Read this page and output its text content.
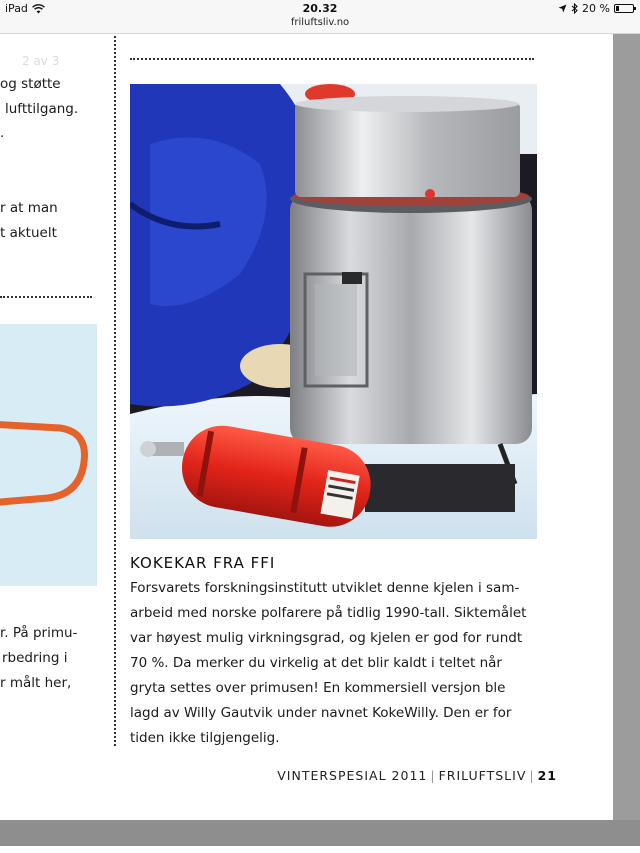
iPad	20.32
friluftsliv.no
20 %
2 av 3
og støtte
lufttilgang.
.
r at man
t aktuelt
r. På primu-
rbedring i
r målt her,
KOKEKAR FRA FFI
Forsvarets forskningsinstitutt utviklet denne kjelen i sam-
arbeid med norske polfarere på tidlig 1990-tall. Siktemålet
var høyest mulig virkningsgrad, og kjelen er god for rundt
70 %. Da merker du virkelig at det blir kaldt i teltet når
gryta settes over primusen! En kommersiell versjon ble
lagd av Willy Gautvik under navnet KokeWilly. Den er for
tiden ikke tilgjengelig.
VINTERSPESIAL 2011 | FRILUFTSLIV | 21
